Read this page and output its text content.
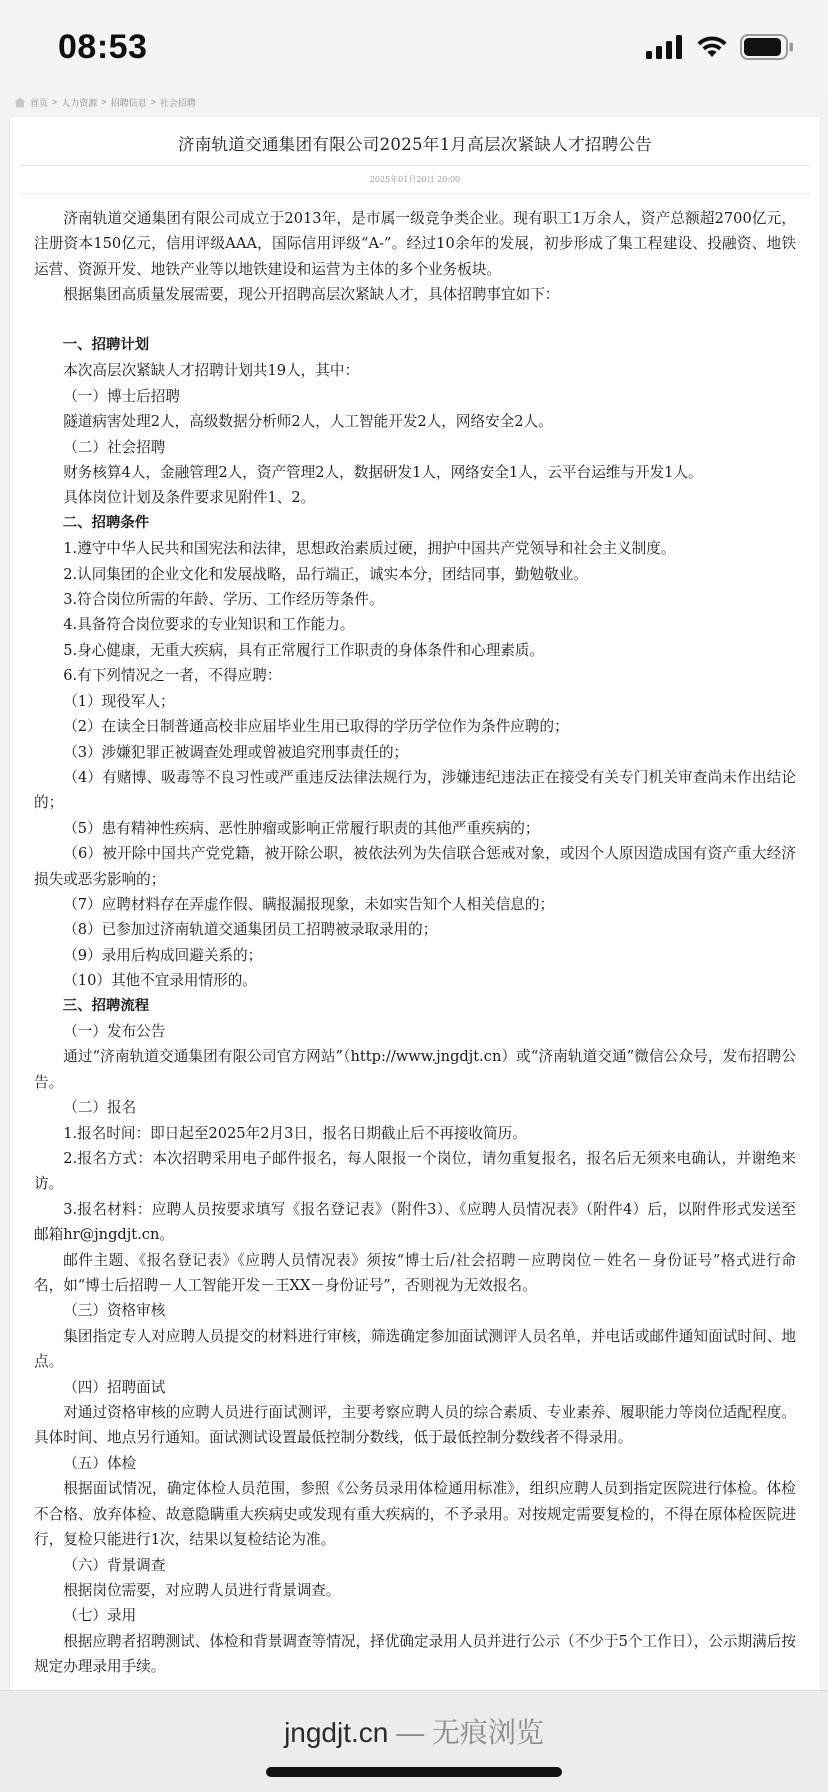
08:53
首页 > 人力资源 > 招聘信息 > 社会招聘
济南轨道交通集团有限公司2025年1月高层次紧缺人才招聘公告
2025年01月20日 20:00

济南轨道交通集团有限公司成立于2013年，是市属一级竞争类企业。现有职工1万余人，资产总额超2700亿元，注册资本150亿元，信用评级AAA，国际信用评级“A-”。经过10余年的发展，初步形成了集工程建设、投融资、地铁运营、资源开发、地铁产业等以地铁建设和运营为主体的多个业务板块。

根据集团高质量发展需要，现公开招聘高层次紧缺人才，具体招聘事宜如下：

一、招聘计划

本次高层次紧缺人才招聘计划共19人，其中：

（一）博士后招聘

隧道病害处理2人，高级数据分析师2人，人工智能开发2人，网络安全2人。

（二）社会招聘

财务核算4人，金融管理2人，资产管理2人，数据研发1人，网络安全1人，云平台运维与开发1人。

具体岗位计划及条件要求见附件1、2。

二、招聘条件

1.遵守中华人民共和国宪法和法律，思想政治素质过硬，拥护中国共产党领导和社会主义制度。

2.认同集团的企业文化和发展战略，品行端正，诚实本分，团结同事，勤勉敬业。

3.符合岗位所需的年龄、学历、工作经历等条件。

4.具备符合岗位要求的专业知识和工作能力。

5.身心健康，无重大疾病，具有正常履行工作职责的身体条件和心理素质。

6.有下列情况之一者，不得应聘：

（1）现役军人；

（2）在读全日制普通高校非应届毕业生用已取得的学历学位作为条件应聘的；

（3）涉嫌犯罪正被调查处理或曾被追究刑事责任的；

（4）有赌博、吸毒等不良习性或严重违反法律法规行为，涉嫌违纪违法正在接受有关专门机关审查尚未作出结论的；

（5）患有精神性疾病、恶性肿瘤或影响正常履行职责的其他严重疾病的；

（6）被开除中国共产党党籍，被开除公职，被依法列为失信联合惩戒对象，或因个人原因造成国有资产重大经济损失或恶劣影响的；

（7）应聘材料存在弄虚作假、瞒报漏报现象，未如实告知个人相关信息的；

（8）已参加过济南轨道交通集团员工招聘被录取录用的；

（9）录用后构成回避关系的；

（10）其他不宜录用情形的。

三、招聘流程

（一）发布公告

通过“济南轨道交通集团有限公司官方网站”（http://www.jngdjt.cn）或“济南轨道交通”微信公众号，发布招聘公告。

（二）报名

1.报名时间：即日起至2025年2月3日，报名日期截止后不再接收简历。

2.报名方式：本次招聘采用电子邮件报名，每人限报一个岗位，请勿重复报名，报名后无须来电确认，并谢绝来访。

3.报名材料：应聘人员按要求填写《报名登记表》（附件3）、《应聘人员情况表》（附件4）后，以附件形式发送至邮箱hr@jngdjt.cn。

邮件主题、《报名登记表》《应聘人员情况表》须按“博士后/社会招聘－应聘岗位－姓名－身份证号”格式进行命名，如“博士后招聘－人工智能开发－王XX－身份证号”，否则视为无效报名。

（三）资格审核

集团指定专人对应聘人员提交的材料进行审核，筛选确定参加面试测评人员名单，并电话或邮件通知面试时间、地点。

（四）招聘面试

对通过资格审核的应聘人员进行面试测评，主要考察应聘人员的综合素质、专业素养、履职能力等岗位适配程度。具体时间、地点另行通知。面试测试设置最低控制分数线，低于最低控制分数线者不得录用。

（五）体检

根据面试情况，确定体检人员范围，参照《公务员录用体检通用标准》，组织应聘人员到指定医院进行体检。体检不合格、放弃体检、故意隐瞒重大疾病史或发现有重大疾病的，不予录用。对按规定需要复检的，不得在原体检医院进行，复检只能进行1次，结果以复检结论为准。

（六）背景调查

根据岗位需要，对应聘人员进行背景调查。

（七）录用

根据应聘者招聘测试、体检和背景调查等情况，择优确定录用人员并进行公示（不少于5个工作日），公示期满后按规定办理录用手续。

jngdjt.cn — 无痕浏览
